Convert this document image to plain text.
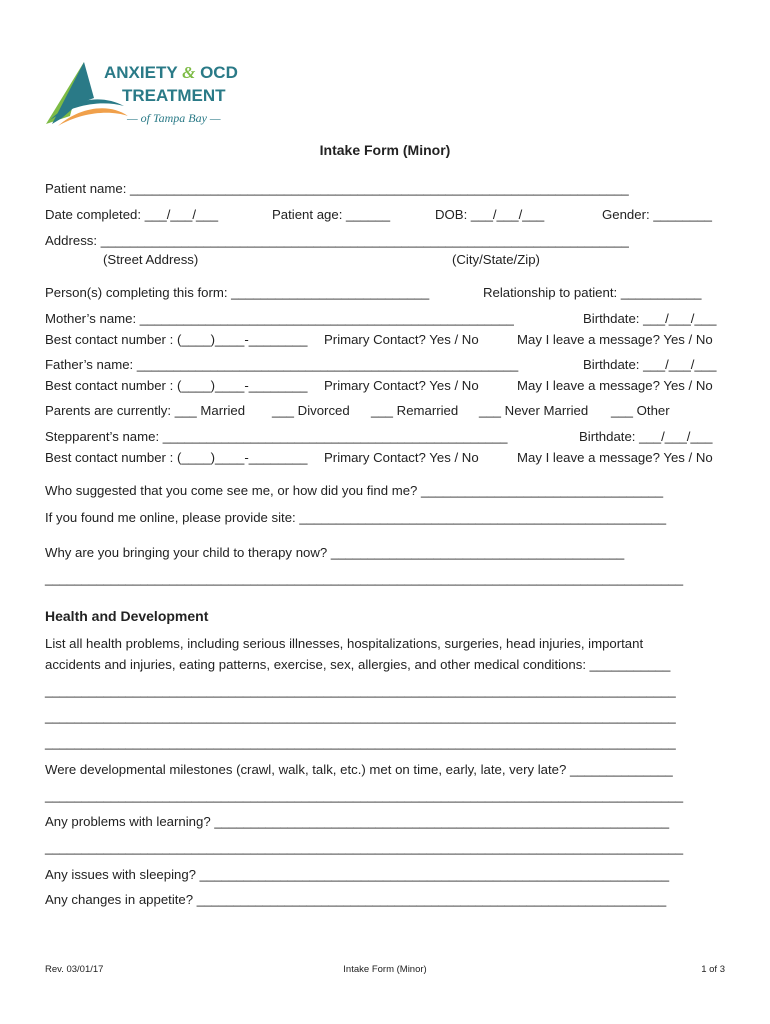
ANXIETY & OCD
TREATMENT
— of Tampa Bay —
Intake Form (Minor)
Patient name: ____________________________________________________________________
Date completed: ___/___/___	Patient age: ______	DOB: ___/___/___	Gender: ________
Address: ________________________________________________________________________
(Street Address)	(City/State/Zip)
Person(s) completing this form: ___________________________	Relationship to patient: ___________
Mother’s name: ___________________________________________________	Birthdate: ___/___/___
Best contact number : (____)____-________ Primary Contact? Yes / No	May I leave a message? Yes / No
Father’s name: ____________________________________________________	Birthdate: ___/___/___
Best contact number : (____)____-________ Primary Contact? Yes / No	May I leave a message? Yes / No
Parents are currently: ___ Married ___ Divorced ___ Remarried ___ Never Married ___ Other
Stepparent’s name: _______________________________________________	Birthdate: ___/___/___
Best contact number : (____)____-________ Primary Contact? Yes / No	May I leave a message? Yes / No
Who suggested that you come see me, or how did you find me? _________________________________
If you found me online, please provide site: __________________________________________________
Why are you bringing your child to therapy now? ________________________________________
_______________________________________________________________________________________
Health and Development
List all health problems, including serious illnesses, hospitalizations, surgeries, head injuries, important
accidents and injuries, eating patterns, exercise, sex, allergies, and other medical conditions: ___________
______________________________________________________________________________________
______________________________________________________________________________________
______________________________________________________________________________________
Were developmental milestones (crawl, walk, talk, etc.) met on time, early, late, very late? ______________
_______________________________________________________________________________________
Any problems with learning? ______________________________________________________________
_______________________________________________________________________________________
Any issues with sleeping? ________________________________________________________________
Any changes in appetite? ________________________________________________________________
Rev. 03/01/17	Intake Form (Minor)	1 of 3
